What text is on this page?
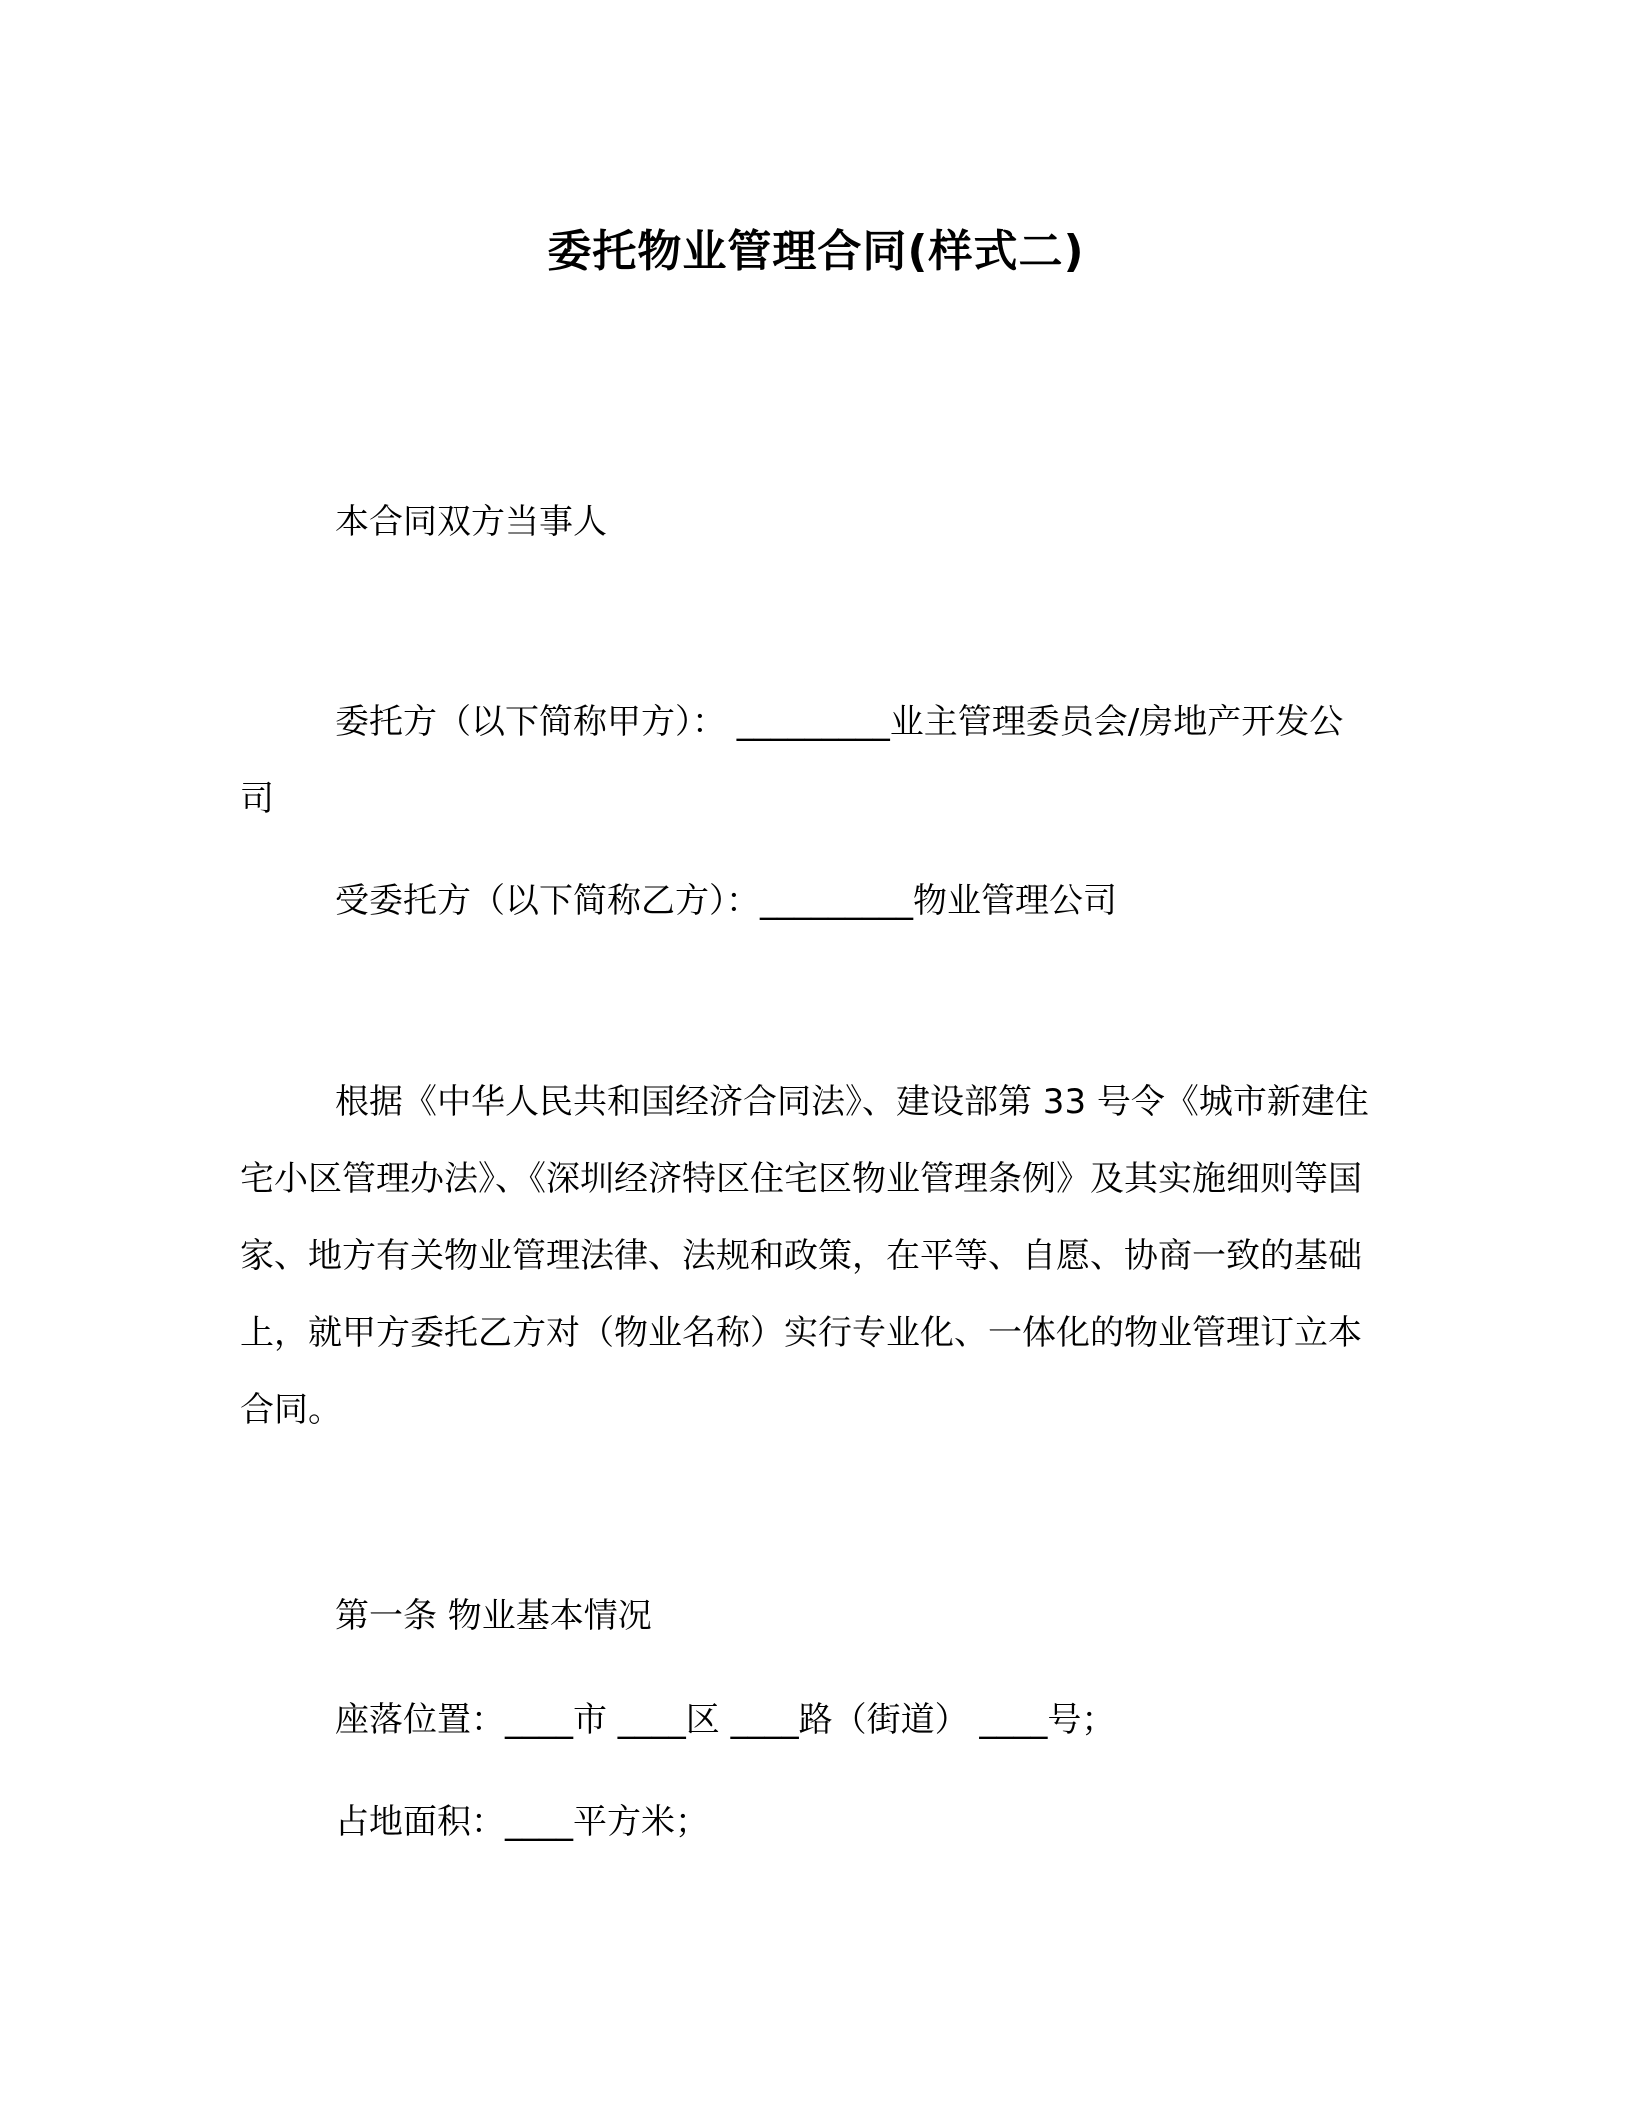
委托物业管理合同(样式二)

本合同双方当事人

委托方（以下简称甲方）： _________业主管理委员会/房地产开发公司

受委托方（以下简称乙方）：_________物业管理公司

根据《中华人民共和国经济合同法》、建设部第 33 号令《城市新建住宅小区管理办法》、《深圳经济特区住宅区物业管理条例》及其实施细则等国家、地方有关物业管理法律、法规和政策，在平等、自愿、协商一致的基础上，就甲方委托乙方对（物业名称）实行专业化、一体化的物业管理订立本合同。

第一条 物业基本情况

座落位置：____市 ____区 ____路（街道） ____号；

占地面积：____平方米；
